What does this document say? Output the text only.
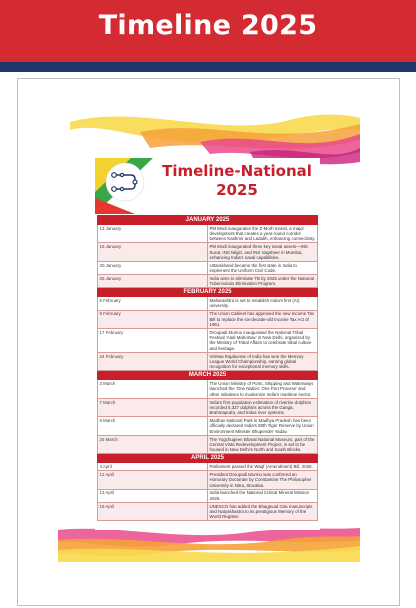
Timeline 2025
Timeline-National
2025
JANUARY 2025	
13 January	PM Modi inaugurates the Z-Morh tunnel, a major development that creates a year-round corridor between Kashmir and Ladakh, enhancing connectivity.
15 January	PM Modi inaugurated three key naval assets—INS Surat, INS Nilgiri, and INS Vagsheer in Mumbai, enhancing India's naval capabilities.
20 January	Uttarakhand became the first state in India to implement the Uniform Civil Code.
26 January	India aims to eliminate TB by 2025 under the National Tuberculosis Elimination Program.
FEBRUARY 2025	
5 February	Maharashtra is set to establish India's first (AI) university.
8 February	The Union Cabinet has approved the new Income Tax Bill to replace the six-decade-old Income Tax Act of 1961.
17 February	Droupadi Murmu inaugurated the National Tribal Festival 'Aadi Mahotsav' in New Delhi, organized by the Ministry of Tribal Affairs to celebrate tribal culture and heritage.
24 February	Vishwa Rajakumar of India has won the Memory League World Championship, earning global recognition for exceptional memory skills.
MARCH 2025	
3 March	The Union Ministry of Ports, Shipping and Waterways launched the 'One Nation: One Port Process' and other initiatives to modernize India's maritime sector.
7 March	India's first population estimation of riverine dolphins recorded 6,327 dolphins across the Ganga, Brahmaputra, and Indus river systems.
9 March	Madhav National Park in Madhya Pradesh has been officially declared India's 58th Tiger Reserve by Union Environment Minister Bhupender Yadav.
25 March	The Yugchugeen Bharat National Museum, part of the Central Vista Redevelopment Project, is set to be housed in New Delhi's North and South Blocks.
APRIL 2025	
4 April	Parliament passed the Waqf (Amendment) Bill, 2025.
12 April	President Droupadi Murmu was conferred an Honorary Doctorate by Constantine The Philosopher University in Nitra, Slovakia.
13 April	India launched the National Critical Mineral Mission 2025.
19 April	UNESCO has added the Bhagavad Gita manuscripts and Natyashastra to its prestigious Memory of the World Register.
